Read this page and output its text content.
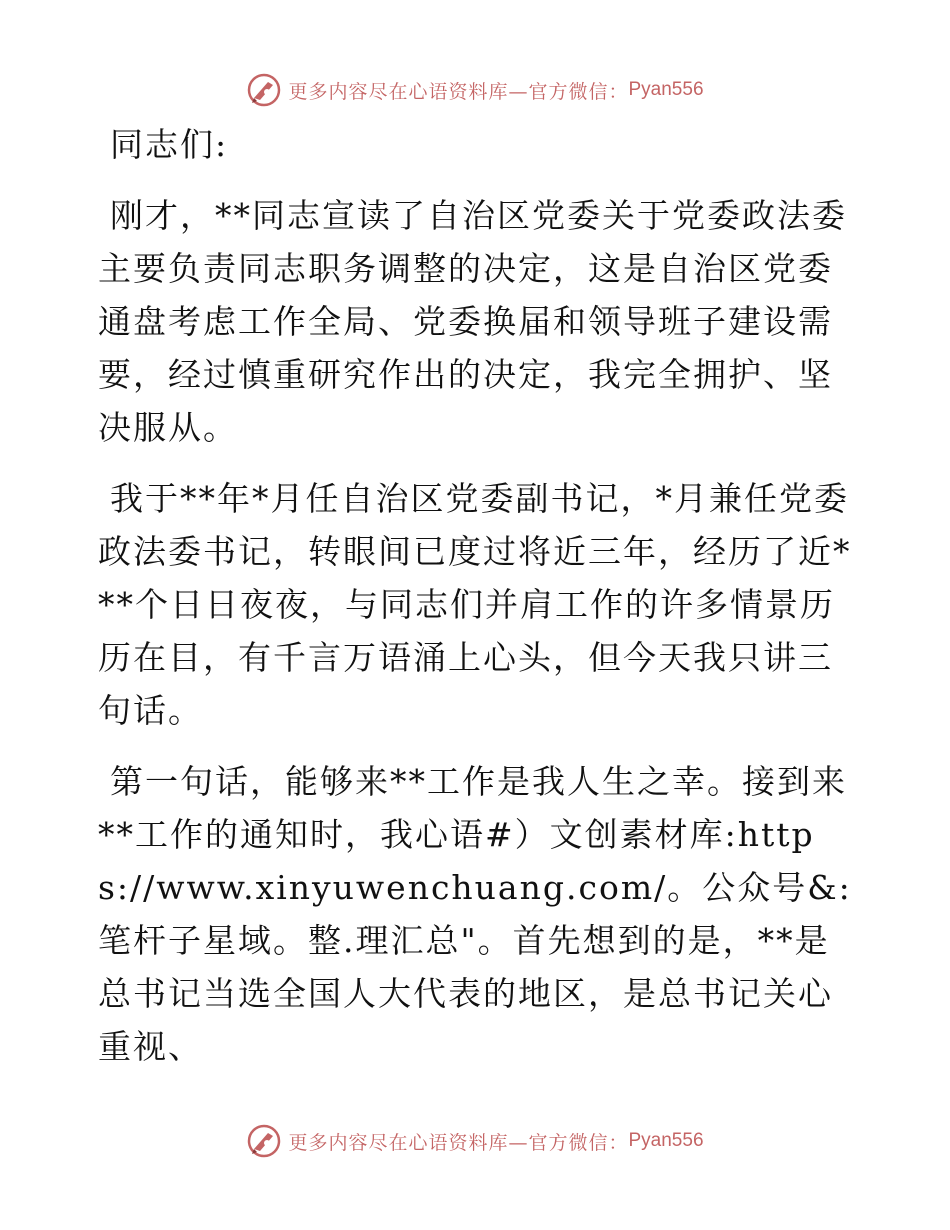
更多内容尽在心语资料库—官方微信： Pyan556

同志们:

刚才，**同志宣读了自治区党委关于党委政法委主要负责同志职务调整的决定，这是自治区党委通盘考虑工作全局、党委换届和领导班子建设需要，经过慎重研究作出的决定，我完全拥护、坚决服从。

我于**年*月任自治区党委副书记，*月兼任党委政法委书记，转眼间已度过将近三年，经历了近***个日日夜夜，与同志们并肩工作的许多情景历历在目，有千言万语涌上心头，但今天我只讲三句话。

第一句话，能够来**工作是我人生之幸。接到来**工作的通知时，我心语#）文创素材库:https://www.xinyuwenchuang.com/。公众号&: 笔杆子星域。整.理汇总"。首先想到的是，**是总书记当选全国人大代表的地区，是总书记关心重视、

更多内容尽在心语资料库—官方微信： Pyan556
